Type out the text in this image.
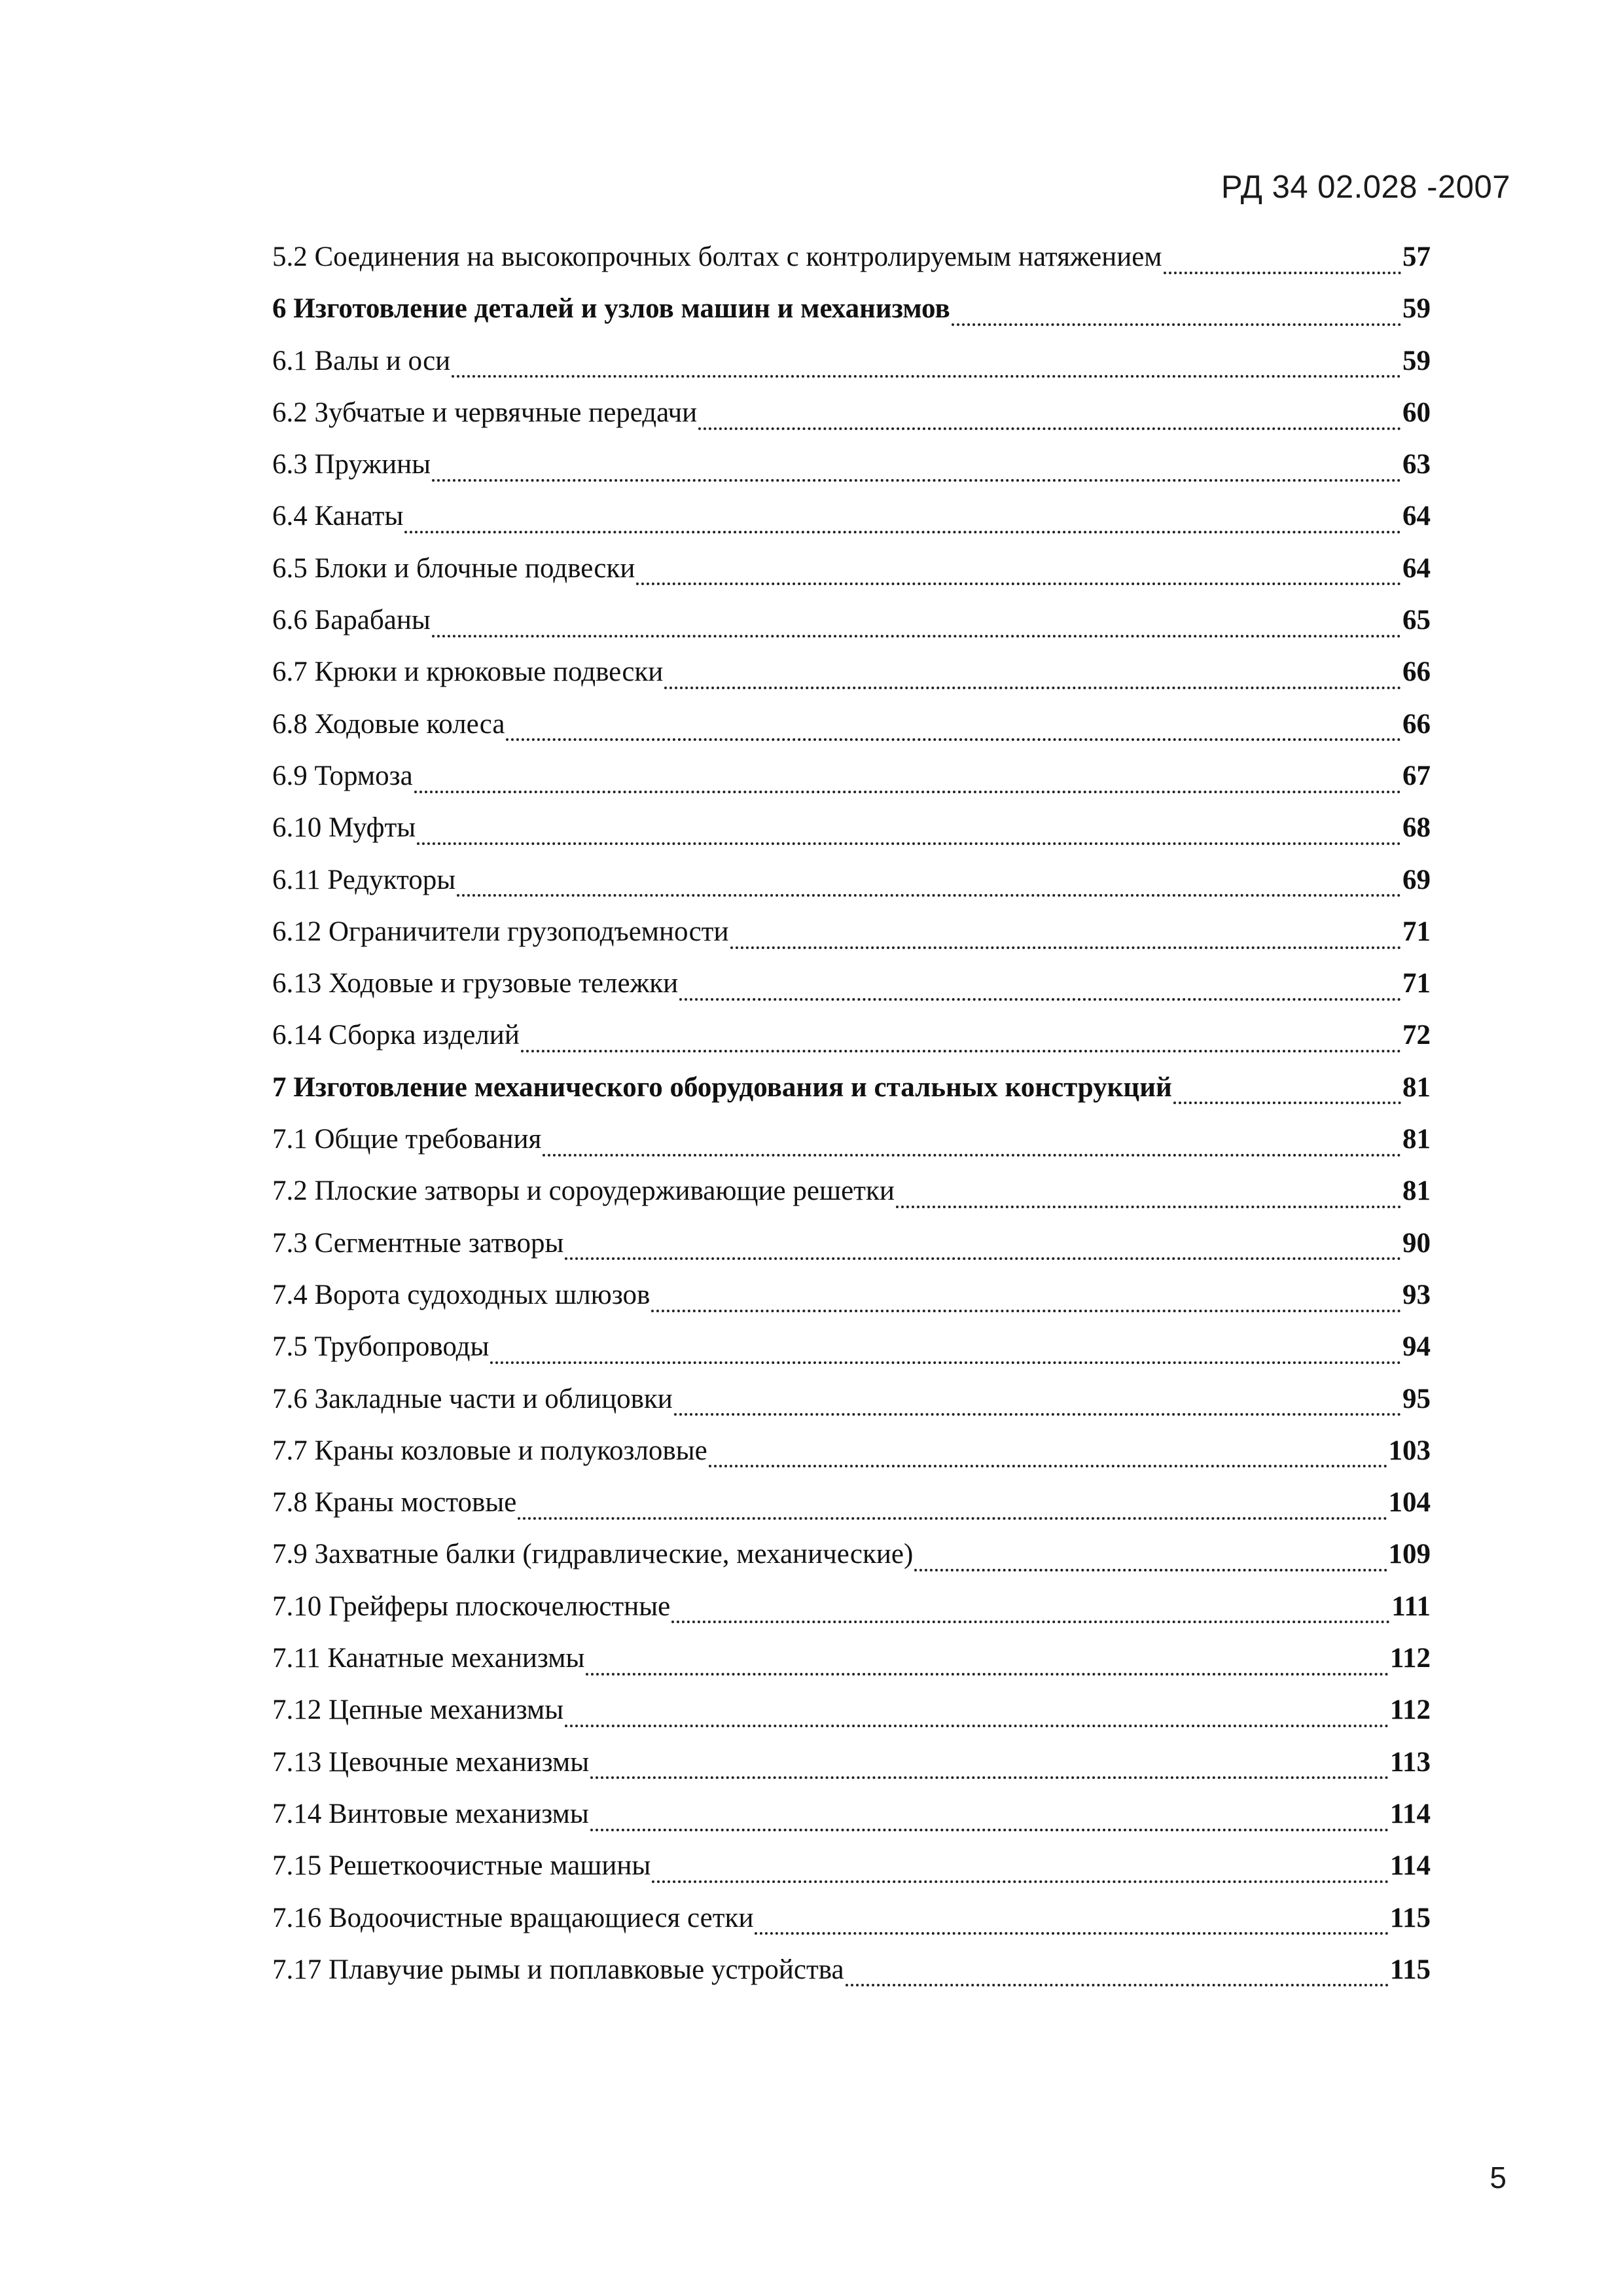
РД 34 02.028 -2007
5.2 Соединения на высокопрочных болтах с контролируемым натяжением	57
6 Изготовление деталей и узлов машин и механизмов	59
6.1 Валы и оси	59
6.2 Зубчатые и червячные передачи	60
6.3 Пружины	63
6.4 Канаты	64
6.5 Блоки и блочные подвески	64
6.6 Барабаны	65
6.7 Крюки и крюковые подвески	66
6.8 Ходовые колеса	66
6.9 Тормоза	67
6.10 Муфты	68
6.11 Редукторы	69
6.12 Ограничители грузоподъемности	71
6.13 Ходовые и грузовые тележки	71
6.14 Сборка изделий	72
7 Изготовление механического оборудования и стальных конструкций	81
7.1 Общие требования	81
7.2 Плоские затворы и сороудерживающие решетки	81
7.3 Сегментные затворы	90
7.4 Ворота судоходных шлюзов	93
7.5 Трубопроводы	94
7.6 Закладные части и облицовки	95
7.7 Краны козловые и полукозловые	103
7.8 Краны мостовые	104
7.9 Захватные балки (гидравлические, механические)	109
7.10 Грейферы плоскочелюстные	111
7.11 Канатные механизмы	112
7.12 Цепные механизмы	112
7.13 Цевочные механизмы	113
7.14 Винтовые механизмы	114
7.15 Решеткоочистные машины	114
7.16 Водоочистные вращающиеся сетки	115
7.17 Плавучие рымы и поплавковые устройства	115
5
